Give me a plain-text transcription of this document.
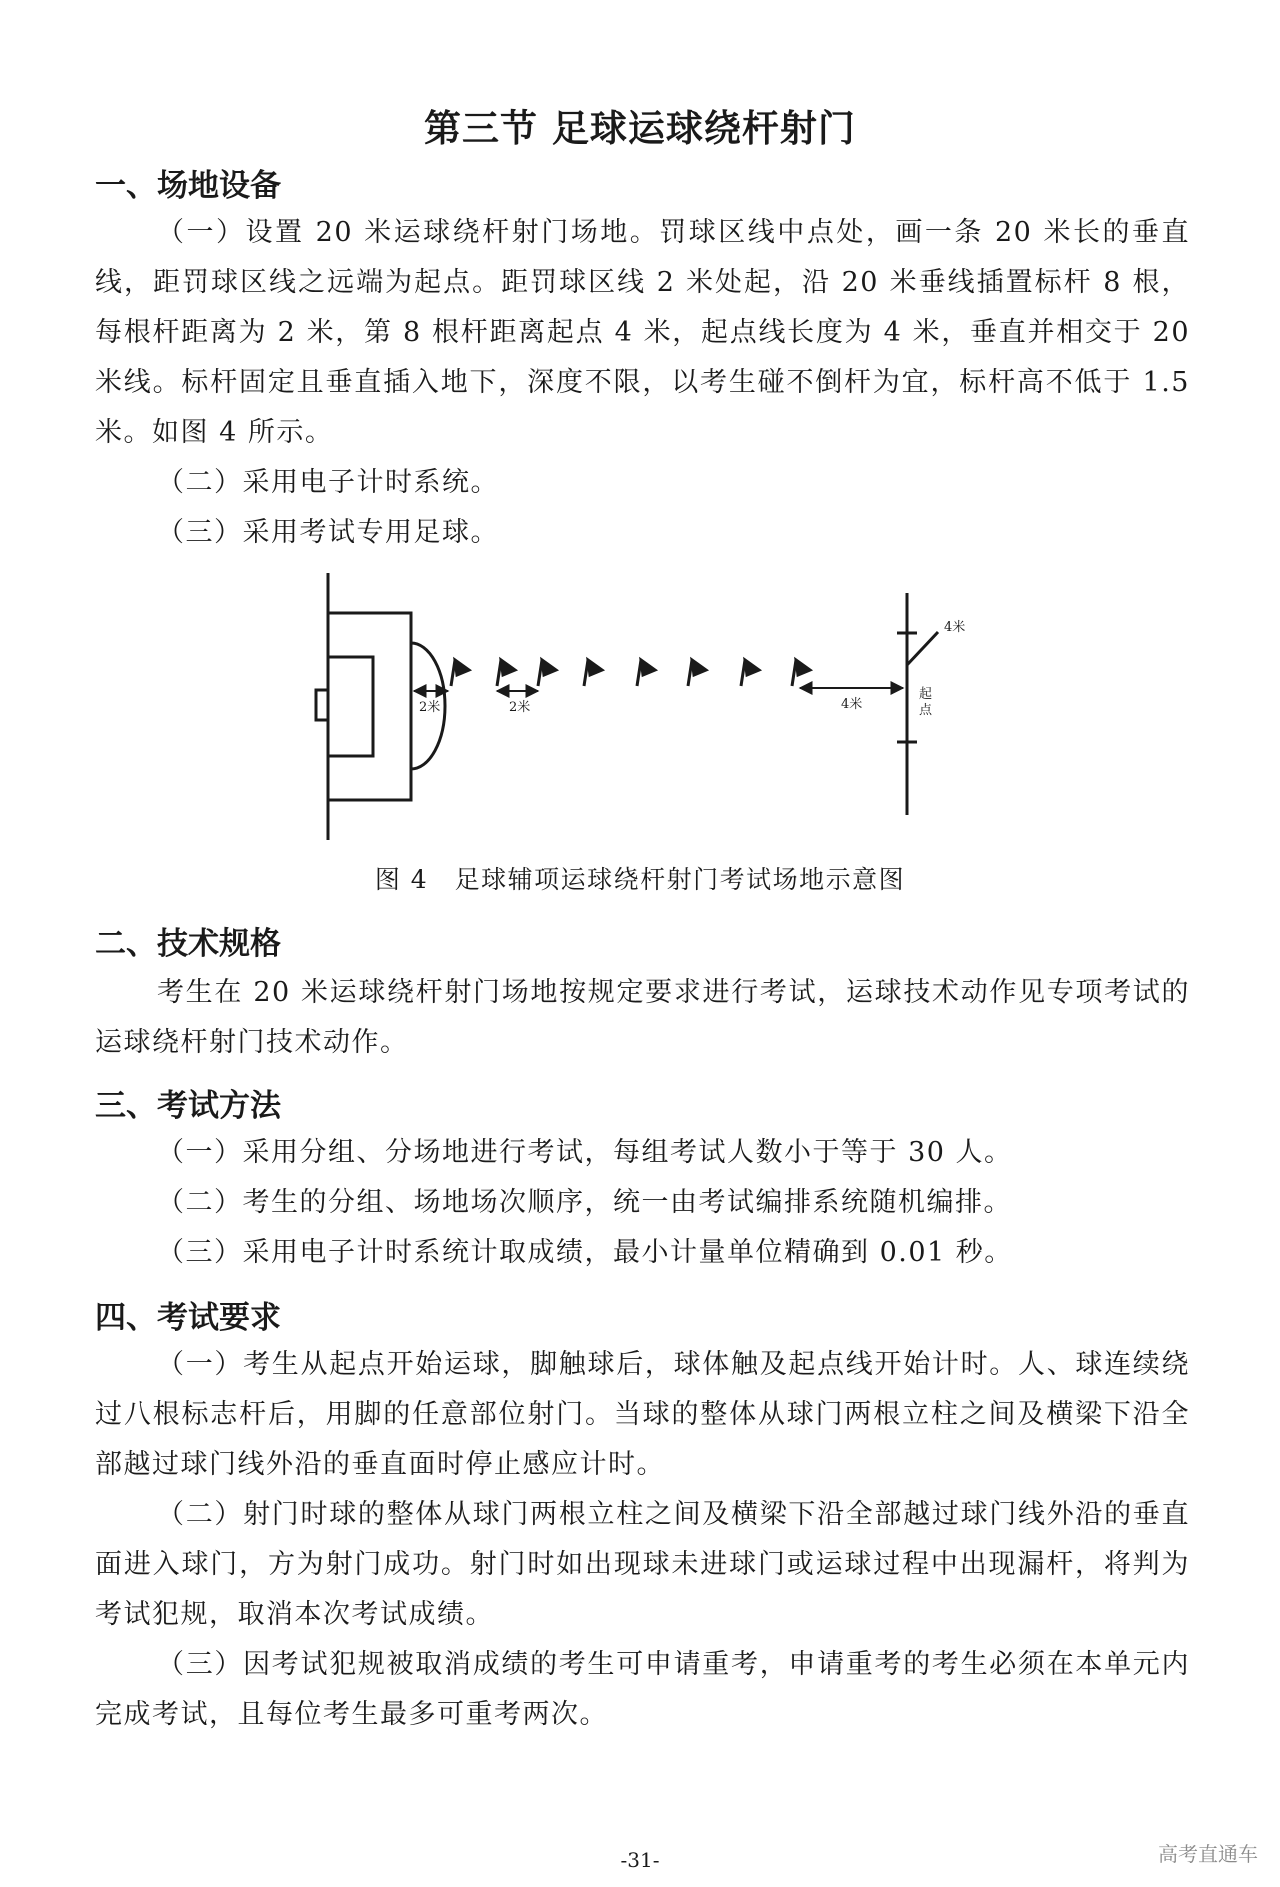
第三节 足球运球绕杆射门
一、场地设备

（一）设置 20 米运球绕杆射门场地。罚球区线中点处，画一条 20 米长的垂直线，距罚球区线之远端为起点。距罚球区线 2 米处起，沿 20 米垂线插置标杆 8 根，每根杆距离为 2 米，第 8 根杆距离起点 4 米，起点线长度为 4 米，垂直并相交于 20 米线。标杆固定且垂直插入地下，深度不限，以考生碰不倒杆为宜，标杆高不低于 1.5 米。如图 4 所示。

（二）采用电子计时系统。

（三）采用考试专用足球。

2米	2米	4米
4米
起
点
图 4　足球辅项运球绕杆射门考试场地示意图
二、技术规格

考生在 20 米运球绕杆射门场地按规定要求进行考试，运球技术动作见专项考试的运球绕杆射门技术动作。

三、考试方法

（一）采用分组、分场地进行考试，每组考试人数小于等于 30 人。

（二）考生的分组、场地场次顺序，统一由考试编排系统随机编排。

（三）采用电子计时系统计取成绩，最小计量单位精确到 0.01 秒。

四、考试要求

（一）考生从起点开始运球，脚触球后，球体触及起点线开始计时。人、球连续绕过八根标志杆后，用脚的任意部位射门。当球的整体从球门两根立柱之间及横梁下沿全部越过球门线外沿的垂直面时停止感应计时。

（二）射门时球的整体从球门两根立柱之间及横梁下沿全部越过球门线外沿的垂直面进入球门，方为射门成功。射门时如出现球未进球门或运球过程中出现漏杆，将判为考试犯规，取消本次考试成绩。

（三）因考试犯规被取消成绩的考生可申请重考，申请重考的考生必须在本单元内完成考试，且每位考生最多可重考两次。

-31-	高考直通车
